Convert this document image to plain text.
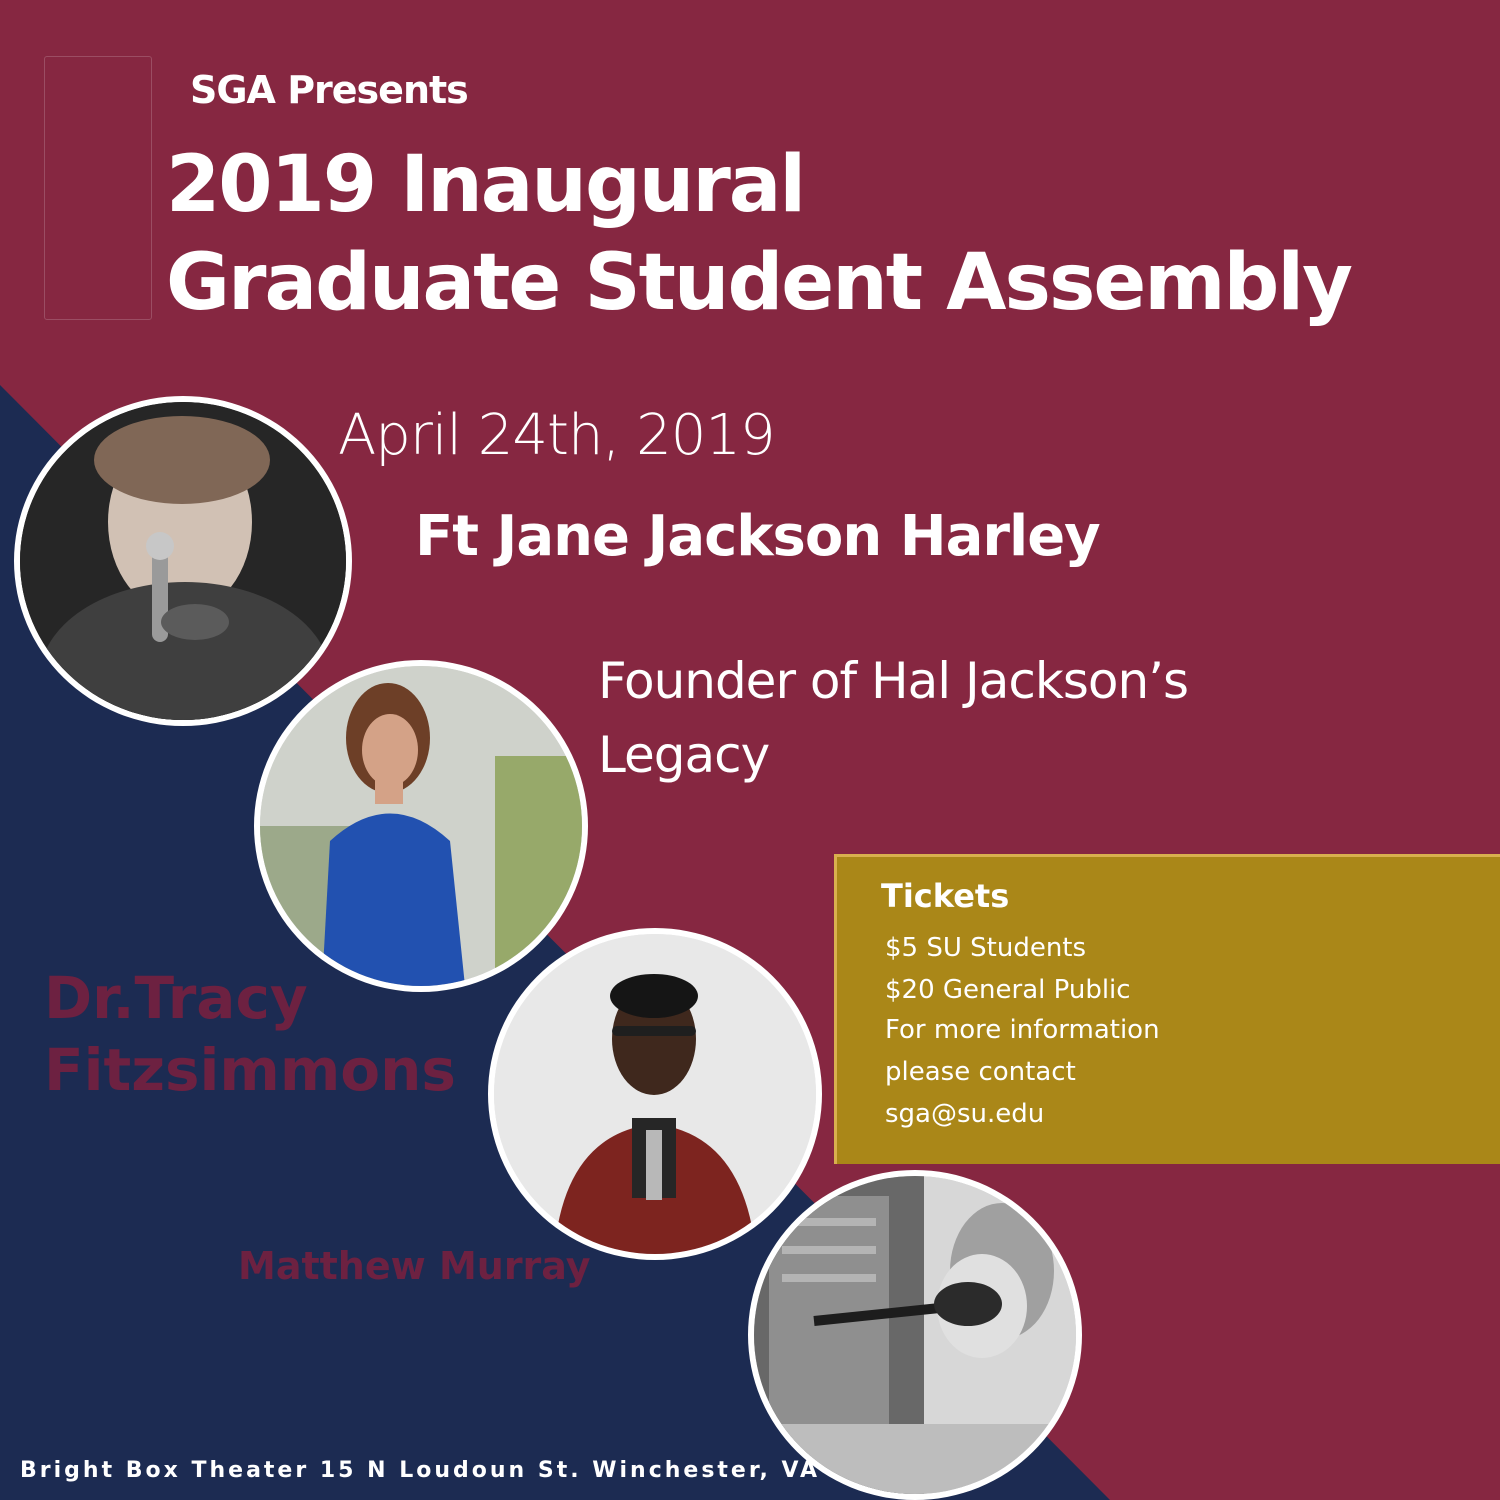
SGA Presents
2019 Inaugural
Graduate Student Assembly
April 24th, 2019
Ft Jane Jackson Harley
Founder of Hal Jackson’s
Legacy
Tickets
$5 SU Students
$20 General Public
For more information
please contact
sga@su.edu
Dr.Tracy
Fitzsimmons
Matthew Murray
Bright Box Theater 15 N Loudoun St. Winchester, VA
